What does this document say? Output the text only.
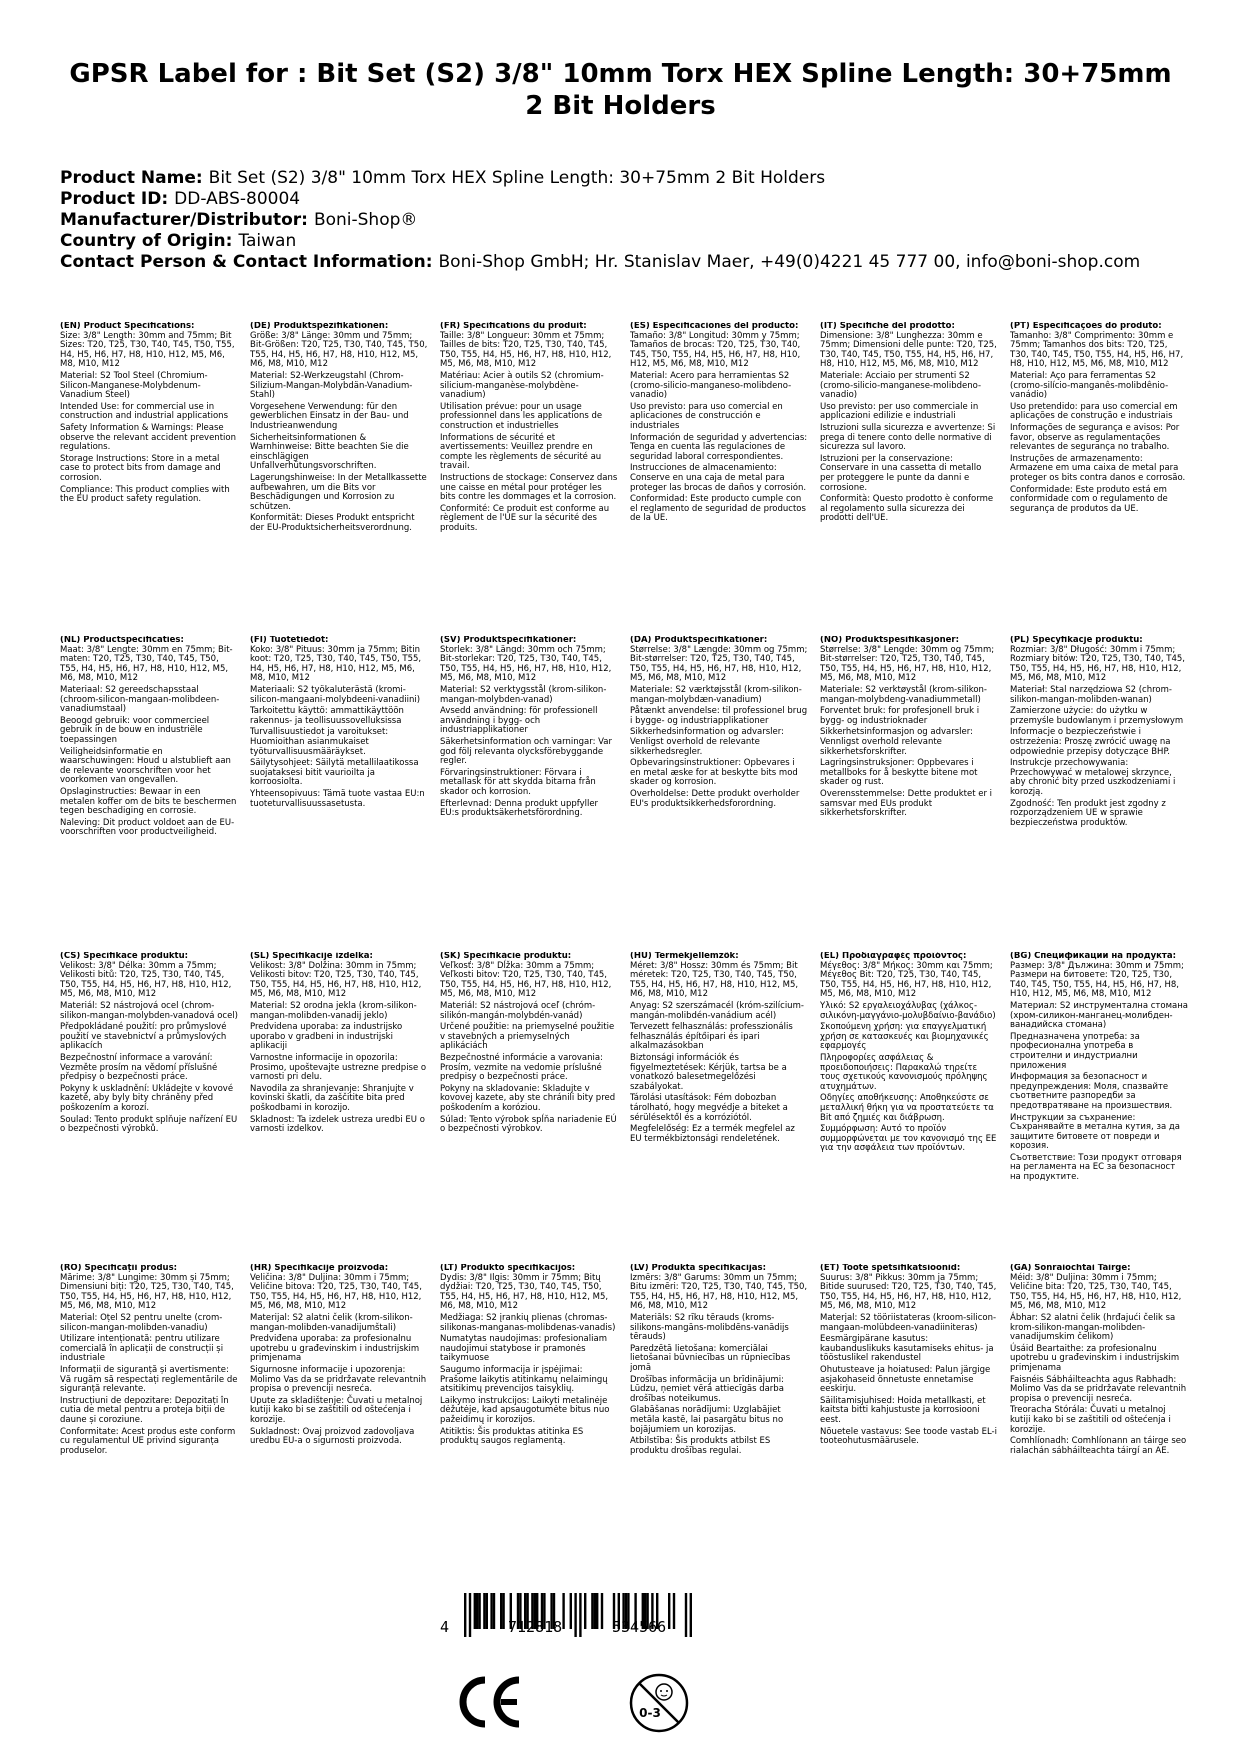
GPSR Label for : Bit Set (S2) 3/8" 10mm Torx HEX Spline Length: 30+75mm 2 Bit Holders
Product Name: Bit Set (S2) 3/8" 10mm Torx HEX Spline Length: 30+75mm 2 Bit Holders
Product ID: DD-ABS-80004
Manufacturer/Distributor: Boni-Shop®
Country of Origin: Taiwan
Contact Person & Contact Information: Boni-Shop GmbH; Hr. Stanislav Maer, +49(0)4221 45 777 00, info@boni-shop.com
(EN) Product Specifications:

Size: 3/8" Length: 30mm and 75mm; Bit Sizes: T20, T25, T30, T40, T45, T50, T55, H4, H5, H6, H7, H8, H10, H12, M5, M6, M8, M10, M12

Material: S2 Tool Steel (Chromium-Silicon-Manganese-Molybdenum-Vanadium Steel)

Intended Use: for commercial use in construction and industrial applications

Safety Information & Warnings: Please observe the relevant accident prevention regulations.

Storage Instructions: Store in a metal case to protect bits from damage and corrosion.

Compliance: This product complies with the EU product safety regulation.

(DE) Produktspezifikationen:

Größe: 3/8" Länge: 30mm und 75mm; Bit-Größen: T20, T25, T30, T40, T45, T50, T55, H4, H5, H6, H7, H8, H10, H12, M5, M6, M8, M10, M12

Material: S2-Werkzeugstahl (Chrom-Silizium-Mangan-Molybdän-Vanadium-Stahl)

Vorgesehene Verwendung: für den gewerblichen Einsatz in der Bau- und Industrieanwendung

Sicherheitsinformationen & Warnhinweise: Bitte beachten Sie die einschlägigen Unfallverhütungsvorschriften.

Lagerungshinweise: In der Metallkassette aufbewahren, um die Bits vor Beschädigungen und Korrosion zu schützen.

Konformität: Dieses Produkt entspricht der EU-Produktsicherheitsverordnung.

(FR) Spécifications du produit:

Taille: 3/8" Longueur: 30mm et 75mm; Tailles de bits: T20, T25, T30, T40, T45, T50, T55, H4, H5, H6, H7, H8, H10, H12, M5, M6, M8, M10, M12

Matériau: Acier à outils S2 (chromium-silicium-manganèse-molybdène-vanadium)

Utilisation prévue: pour un usage professionnel dans les applications de construction et industrielles

Informations de sécurité et avertissements: Veuillez prendre en compte les règlements de sécurité au travail.

Instructions de stockage: Conservez dans une caisse en métal pour protéger les bits contre les dommages et la corrosion.

Conformité: Ce produit est conforme au règlement de l'UE sur la sécurité des produits.

(ES) Especificaciones del producto:

Tamaño: 3/8" Longitud: 30mm y 75mm; Tamaños de brocas: T20, T25, T30, T40, T45, T50, T55, H4, H5, H6, H7, H8, H10, H12, M5, M6, M8, M10, M12

Material: Acero para herramientas S2 (cromo-silicio-manganeso-molibdeno-vanadio)

Uso previsto: para uso comercial en aplicaciones de construcción e industriales

Información de seguridad y advertencias: Tenga en cuenta las regulaciones de seguridad laboral correspondientes.

Instrucciones de almacenamiento: Conserve en una caja de metal para proteger las brocas de daños y corrosión.

Conformidad: Este producto cumple con el reglamento de seguridad de productos de la UE.

(IT) Specifiche del prodotto:

Dimensione: 3/8" Lunghezza: 30mm e 75mm; Dimensioni delle punte: T20, T25, T30, T40, T45, T50, T55, H4, H5, H6, H7, H8, H10, H12, M5, M6, M8, M10, M12

Materiale: Acciaio per strumenti S2 (cromo-silicio-manganese-molibdeno-vanadio)

Uso previsto: per uso commerciale in applicazioni edilizie e industriali

Istruzioni sulla sicurezza e avvertenze: Si prega di tenere conto delle normative di sicurezza sul lavoro.

Istruzioni per la conservazione: Conservare in una cassetta di metallo per proteggere le punte da danni e corrosione.

Conformità: Questo prodotto è conforme al regolamento sulla sicurezza dei prodotti dell'UE.

(PT) Especificações do produto:

Tamanho: 3/8" Comprimento: 30mm e 75mm; Tamanhos dos bits: T20, T25, T30, T40, T45, T50, T55, H4, H5, H6, H7, H8, H10, H12, M5, M6, M8, M10, M12

Material: Aço para ferramentas S2 (cromo-silício-manganês-molibdênio-vanádio)

Uso pretendido: para uso comercial em aplicações de construção e industriais

Informações de segurança e avisos: Por favor, observe as regulamentações relevantes de segurança no trabalho.

Instruções de armazenamento: Armazene em uma caixa de metal para proteger os bits contra danos e corrosão.

Conformidade: Este produto está em conformidade com o regulamento de segurança de produtos da UE.

(NL) Productspecificaties:

Maat: 3/8" Lengte: 30mm en 75mm; Bit-maten: T20, T25, T30, T40, T45, T50, T55, H4, H5, H6, H7, H8, H10, H12, M5, M6, M8, M10, M12

Materiaal: S2 gereedschapsstaal (chroom-silicon-mangaan-molibdeen-vanadiumstaal)

Beoogd gebruik: voor commercieel gebruik in de bouw en industriële toepassingen

Veiligheidsinformatie en waarschuwingen: Houd u alstublieft aan de relevante voorschriften voor het voorkomen van ongevallen.

Opslaginstructies: Bewaar in een metalen koffer om de bits te beschermen tegen beschadiging en corrosie.

Naleving: Dit product voldoet aan de EU-voorschriften voor productveiligheid.

(FI) Tuotetiedot:

Koko: 3/8" Pituus: 30mm ja 75mm; Bitin koot: T20, T25, T30, T40, T45, T50, T55, H4, H5, H6, H7, H8, H10, H12, M5, M6, M8, M10, M12

Materiaali: S2 työkaluterästä (kromi-silicon-mangaani-molybdeeni-vanadiini)

Tarkoitettu käyttö: ammattikäyttöön rakennus- ja teollisuussovelluksissa

Turvallisuustiedot ja varoitukset: Huomioithan asianmukaiset työturvallisuusmääräykset.

Säilytysohjeet: Säilytä metallilaatikossa suojataksesi bitit vaurioilta ja korroosiolta.

Yhteensopivuus: Tämä tuote vastaa EU:n tuoteturvallisuussasetusta.

(SV) Produktspecifikationer:

Storlek: 3/8" Längd: 30mm och 75mm; Bit-storlekar: T20, T25, T30, T40, T45, T50, T55, H4, H5, H6, H7, H8, H10, H12, M5, M6, M8, M10, M12

Material: S2 verktygsstål (krom-silikon-mangan-molybden-vanad)

Avsedd användning: för professionell användning i bygg- och industriapplikationer

Säkerhetsinformation och varningar: Var god följ relevanta olycksförebyggande regler.

Förvaringsinstruktioner: Förvara i metallask för att skydda bitarna från skador och korrosion.

Efterlevnad: Denna produkt uppfyller EU:s produktsäkerhetsförordning.

(DA) Produktspecifikationer:

Størrelse: 3/8" Længde: 30mm og 75mm; Bit-størrelser: T20, T25, T30, T40, T45, T50, T55, H4, H5, H6, H7, H8, H10, H12, M5, M6, M8, M10, M12

Materiale: S2 værktøjsstål (krom-silikon-mangan-molybdæn-vanadium)

Påtænkt anvendelse: til professionel brug i bygge- og industriapplikationer

Sikkerhedsinformation og advarsler: Venligst overhold de relevante sikkerhedsregler.

Opbevaringsinstruktioner: Opbevares i en metal æske for at beskytte bits mod skader og korrosion.

Overholdelse: Dette produkt overholder EU's produktsikkerhedsforordning.

(NO) Produktspesifikasjoner:

Størrelse: 3/8" Lengde: 30mm og 75mm; Bit-størrelser: T20, T25, T30, T40, T45, T50, T55, H4, H5, H6, H7, H8, H10, H12, M5, M6, M8, M10, M12

Materiale: S2 verktøystål (krom-silikon-mangan-molybdeng-vanadiummetall)

Forventet bruk: for profesjonell bruk i bygg- og industrioknader

Sikkerhetsinformasjon og advarsler: Vennligst overhold relevante sikkerhetsforskrifter.

Lagringsinstruksjoner: Oppbevares i metallboks for å beskytte bitene mot skader og rust.

Overensstemmelse: Dette produktet er i samsvar med EUs produkt sikkerhetsforskrifter.

(PL) Specyfikacje produktu:

Rozmiar: 3/8" Długość: 30mm i 75mm; Rozmiary bitów: T20, T25, T30, T40, T45, T50, T55, H4, H5, H6, H7, H8, H10, H12, M5, M6, M8, M10, M12

Materiał: Stal narzędziowa S2 (chrom-silikon-mangan-molibden-wanan)

Zamierzone użycie: do użytku w przemyśle budowlanym i przemysłowym

Informacje o bezpieczeństwie i ostrzeżenia: Proszę zwrócić uwagę na odpowiednie przepisy dotyczące BHP.

Instrukcje przechowywania: Przechowywać w metalowej skrzynce, aby chronić bity przed uszkodzeniami i korozją.

Zgodność: Ten produkt jest zgodny z rozporządzeniem UE w sprawie bezpieczeństwa produktów.

(CS) Specifikace produktu:

Velikost: 3/8" Délka: 30mm a 75mm; Velikosti bitů: T20, T25, T30, T40, T45, T50, T55, H4, H5, H6, H7, H8, H10, H12, M5, M6, M8, M10, M12

Materiál: S2 nástrojová ocel (chrom-silikon-mangan-molybden-vanadová ocel)

Předpokládané použití: pro průmyslové použití ve stavebnictví a průmyslových aplikacích

Bezpečnostní informace a varování: Vezměte prosím na vědomí příslušné předpisy o bezpečnosti práce.

Pokyny k uskladnění: Ukládejte v kovové kazetě, aby byly bity chráněny před poškozením a korozí.

Soulad: Tento produkt splňuje nařízení EU o bezpečnosti výrobků.

(SL) Specifikacije izdelka:

Velikost: 3/8" Dolžina: 30mm in 75mm; Velikosti bitov: T20, T25, T30, T40, T45, T50, T55, H4, H5, H6, H7, H8, H10, H12, M5, M6, M8, M10, M12

Material: S2 orodna jekla (krom-silikon-mangan-molibden-vanadij jeklo)

Predvidena uporaba: za industrijsko uporabo v gradbeni in industrijski aplikaciji

Varnostne informacije in opozorila: Prosimo, upoštevajte ustrezne predpise o varnosti pri delu.

Navodila za shranjevanje: Shranjujte v kovinski škatli, da zaščitite bita pred poškodbami in korozijo.

Skladnost: Ta izdelek ustreza uredbi EU o varnosti izdelkov.

(SK) Špecifikácie produktu:

Veľkosť: 3/8" Dĺžka: 30mm a 75mm; Veľkosti bitov: T20, T25, T30, T40, T45, T50, T55, H4, H5, H6, H7, H8, H10, H12, M5, M6, M8, M10, M12

Materiál: S2 nástrojová oceľ (chróm-silikón-mangán-molybdén-vanád)

Určené použitie: na priemyselné použitie v stavebných a priemyselných aplikáciách

Bezpečnostné informácie a varovania: Prosím, vezmite na vedomie príslušné predpisy o bezpečnosti práce.

Pokyny na skladovanie: Skladujte v kovovej kazete, aby ste chránili bity pred poškodením a koróziou.

Súlad: Tento výrobok spĺňa nariadenie EÚ o bezpečnosti výrobkov.

(HU) Termékjellemzők:

Méret: 3/8" Hossz: 30mm és 75mm; Bit méretek: T20, T25, T30, T40, T45, T50, T55, H4, H5, H6, H7, H8, H10, H12, M5, M6, M8, M10, M12

Anyag: S2 szerszámacél (króm-szilícium-mangán-molibdén-vanádium acél)

Tervezett felhasználás: professzionális felhasználás építőipari és ipari alkalmazásokban

Biztonsági információk és figyelmeztetések: Kérjük, tartsa be a vonatkozó balesetmegelőzési szabályokat.

Tárolási utasítások: Fém dobozban tárolható, hogy megvédje a biteket a sérülésektől és a korróziótól.

Megfelelőség: Ez a termék megfelel az EU termékbiztonsági rendeletének.

(EL) Προδιαγραφές προϊόντος:

Μέγεθος: 3/8" Μήκος: 30mm και 75mm; Μέγεθος Bit: T20, T25, T30, T40, T45, T50, T55, H4, H5, H6, H7, H8, H10, H12, M5, M6, M8, M10, M12

Υλικό: S2 εργαλειοχάλυβας (χάλκος-σιλικόνη-μαγγάνιο-μολυβδαίνιο-βανάδιο)

Σκοπούμενη χρήση: για επαγγελματική χρήση σε κατασκευές και βιομηχανικές εφαρμογές

Πληροφορίες ασφάλειας & προειδοποιήσεις: Παρακαλώ τηρείτε τους σχετικούς κανονισμούς πρόληψης ατυχημάτων.

Οδηγίες αποθήκευσης: Αποθηκεύστε σε μεταλλική θήκη για να προστατεύετε τα Bit από ζημιές και διάβρωση.

Συμμόρφωση: Αυτό το προϊόν συμμορφώνεται με τον κανονισμό της ΕΕ για την ασφάλεια των προϊόντων.

(BG) Спецификации на продукта:

Размер: 3/8" Дължина: 30mm и 75mm; Размери на битовете: T20, T25, T30, T40, T45, T50, T55, H4, H5, H6, H7, H8, H10, H12, M5, M6, M8, M10, M12

Материал: S2 инструментална стомана (хром-силикон-манганец-молибден-ванадийска стомана)

Предназначена употреба: за професионална употреба в строителни и индустриални приложения

Информация за безопасност и предупреждения: Моля, спазвайте съответните разпоредби за предотвратяване на произшествия.

Инструкции за съхранение: Съхранявайте в метална кутия, за да защитите битовете от повреди и корозия.

Съответствие: Този продукт отговаря на регламента на ЕС за безопасност на продуктите.

(RO) Specificații produs:

Mărime: 3/8" Lungime: 30mm și 75mm; Dimensiuni biți: T20, T25, T30, T40, T45, T50, T55, H4, H5, H6, H7, H8, H10, H12, M5, M6, M8, M10, M12

Material: Oțel S2 pentru unelte (crom-silicon-mangan-molibden-vanadiu)

Utilizare intenționată: pentru utilizare comercială în aplicații de construcții și industriale

Informații de siguranță și avertismente: Vă rugăm să respectați reglementările de siguranță relevante.

Instrucțiuni de depozitare: Depozitați în cutia de metal pentru a proteja biții de daune și coroziune.

Conformitate: Acest produs este conform cu regulamentul UE privind siguranța produselor.

(HR) Specifikacije proizvoda:

Veličina: 3/8" Duljina: 30mm i 75mm; Veličine bitova: T20, T25, T30, T40, T45, T50, T55, H4, H5, H6, H7, H8, H10, H12, M5, M6, M8, M10, M12

Materijal: S2 alatni čelik (krom-silikon-mangan-molibden-vanadijumštali)

Predviđena uporaba: za profesionalnu upotrebu u građevinskim i industrijskim primjenama

Sigurnosne informacije i upozorenja: Molimo Vas da se pridržavate relevantnih propisa o prevenciji nesreća.

Upute za skladištenje: Čuvati u metalnoj kutiji kako bi se zaštitili od oštećenja i korozije.

Sukladnost: Ovaj proizvod zadovoljava uredbu EU-a o sigurnosti proizvoda.

(LT) Produkto specifikacijos:

Dydis: 3/8" Ilgis: 30mm ir 75mm; Bitų dydžiai: T20, T25, T30, T40, T45, T50, T55, H4, H5, H6, H7, H8, H10, H12, M5, M6, M8, M10, M12

Medžiaga: S2 įrankių plienas (chromas-silikonas-manganas-molibdenas-vanadis)

Numatytas naudojimas: profesionaliam naudojimui statybose ir pramonės taikymuose

Saugumo informacija ir įspėjimai: Prašome laikytis atitinkamų nelaimingų atsitikimų prevencijos taisyklių.

Laikymo instrukcijos: Laikyti metalinėje dėžutėje, kad apsaugotumėte bitus nuo pažeidimų ir korozijos.

Atitiktis: Šis produktas atitinka ES produktų saugos reglamentą.

(LV) Produkta specifikācijas:

Izmērs: 3/8" Garums: 30mm un 75mm; Bitu izmēri: T20, T25, T30, T40, T45, T50, T55, H4, H5, H6, H7, H8, H10, H12, M5, M6, M8, M10, M12

Materiāls: S2 rīku tērauds (kroms-silikons-mangāns-molibdēns-vanādijs tērauds)

Paredzētā lietošana: komerciālai lietošanai būvniecības un rūpniecības jomā

Drošības informācija un brīdinājumi: Lūdzu, ņemiet vērā attiecīgās darba drošības noteikumus.

Glabāšanas norādījumi: Uzglabājiet metāla kastē, lai pasargātu bitus no bojājumiem un korozijas.

Atbilstība: Šis produkts atbilst ES produktu drošības regulai.

(ET) Toote spetsifikatsioonid:

Suurus: 3/8" Pikkus: 30mm ja 75mm; Bitide suurused: T20, T25, T30, T40, T45, T50, T55, H4, H5, H6, H7, H8, H10, H12, M5, M6, M8, M10, M12

Materjal: S2 tööriistateras (kroom-silicon-mangaan-molübdeen-vanadiiniteras)

Eesmärgipärane kasutus: kaubanduslikuks kasutamiseks ehitus- ja tööstuslikel rakendustel

Ohutusteave ja hoiatused: Palun järgige asjakohaseid õnnetuste ennetamise eeskirju.

Säilitamisjuhised: Hoida metallkasti, et kaitsta bitti kahjustuste ja korrosiooni eest.

Nõuetele vastavus: See toode vastab EL-i tooteohutusmäärusele.

(GA) Sonraíochtaí Táirge:

Méid: 3/8" Duljina: 30mm i 75mm; Veličine bita: T20, T25, T30, T40, T45, T50, T55, H4, H5, H6, H7, H8, H10, H12, M5, M6, M8, M10, M12

Ábhar: S2 alatni čelik (hrđajući čelik sa krom-silikon-mangan-molibden-vanadijumskim čelikom)

Úsáid Beartaithe: za profesionalnu upotrebu u građevinskim i industrijskim primjenama

Faisnéis Sábháilteachta agus Rabhadh: Molimo Vas da se pridržavate relevantnih propisa o prevenciji nesreća.

Treoracha Stórála: Čuvati u metalnoj kutiji kako bi se zaštitili od oštećenja i korozije.

Comhlíonadh: Comhlíonann an táirge seo rialachán sábháilteachta táirgí an AE.

4	712818	534566
0-3
